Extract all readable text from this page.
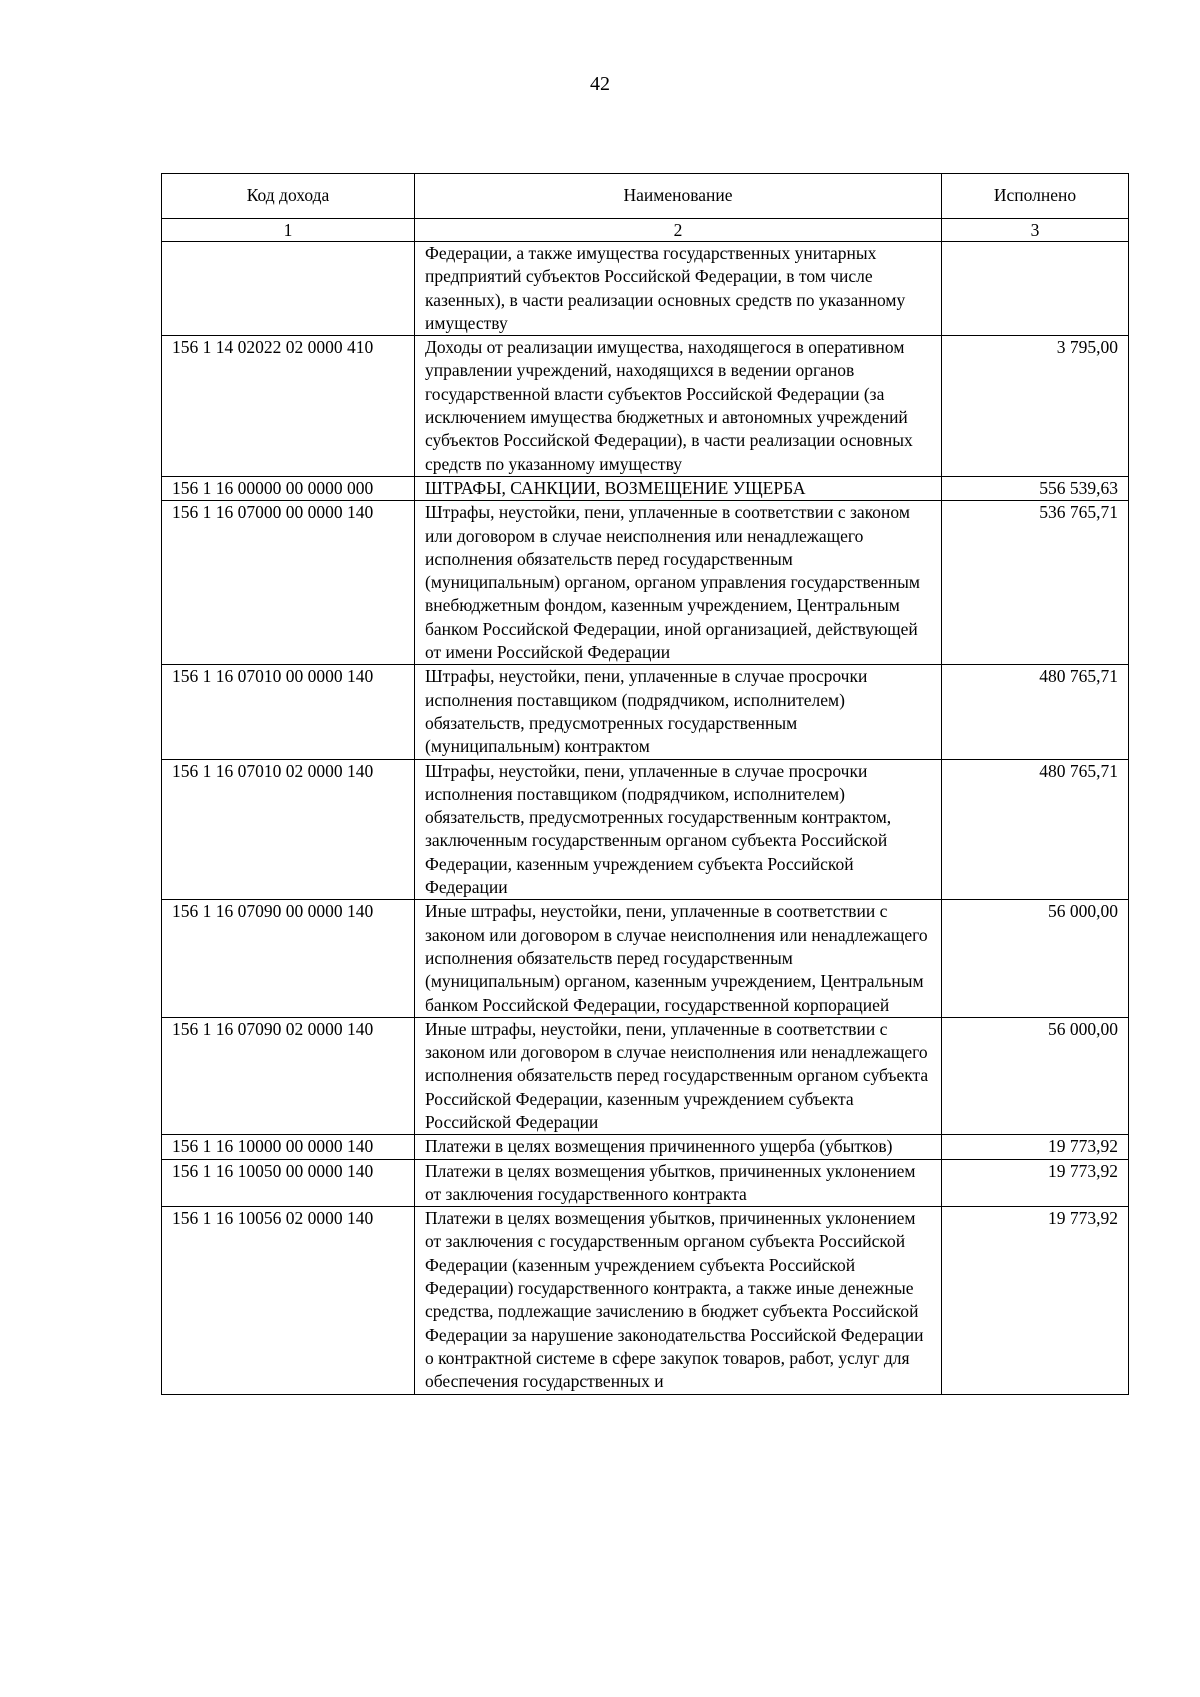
42
Код дохода	Наименование	Исполнено
1	2	3
	Федерации, а также имущества государственных унитарных предприятий субъектов Российской Федерации, в том числе казенных), в части реализации основных средств по указанному имуществу	
156 1 14 02022 02 0000 410	Доходы от реализации имущества, находящегося в оперативном управлении учреждений, находящихся в ведении органов государственной власти субъектов Российской Федерации (за исключением имущества бюджетных и автономных учреждений субъектов Российской Федерации), в части реализации основных средств по указанному имуществу	3 795,00
156 1 16 00000 00 0000 000	ШТРАФЫ, САНКЦИИ, ВОЗМЕЩЕНИЕ УЩЕРБА	556 539,63
156 1 16 07000 00 0000 140	Штрафы, неустойки, пени, уплаченные в соответствии с законом или договором в случае неисполнения или ненадлежащего исполнения обязательств перед государственным (муниципальным) органом, органом управления государственным внебюджетным фондом, казенным учреждением, Центральным банком Российской Федерации, иной организацией, действующей от имени Российской Федерации	536 765,71
156 1 16 07010 00 0000 140	Штрафы, неустойки, пени, уплаченные в случае просрочки исполнения поставщиком (подрядчиком, исполнителем) обязательств, предусмотренных государственным (муниципальным) контрактом	480 765,71
156 1 16 07010 02 0000 140	Штрафы, неустойки, пени, уплаченные в случае просрочки исполнения поставщиком (подрядчиком, исполнителем) обязательств, предусмотренных государственным контрактом, заключенным государственным органом субъекта Российской Федерации, казенным учреждением субъекта Российской Федерации	480 765,71
156 1 16 07090 00 0000 140	Иные штрафы, неустойки, пени, уплаченные в соответствии с законом или договором в случае неисполнения или ненадлежащего исполнения обязательств перед государственным (муниципальным) органом, казенным учреждением, Центральным банком Российской Федерации, государственной корпорацией	56 000,00
156 1 16 07090 02 0000 140	Иные штрафы, неустойки, пени, уплаченные в соответствии с законом или договором в случае неисполнения или ненадлежащего исполнения обязательств перед государственным органом субъекта Российской Федерации, казенным учреждением субъекта Российской Федерации	56 000,00
156 1 16 10000 00 0000 140	Платежи в целях возмещения причиненного ущерба (убытков)	19 773,92
156 1 16 10050 00 0000 140	Платежи в целях возмещения убытков, причиненных уклонением от заключения государственного контракта	19 773,92
156 1 16 10056 02 0000 140	Платежи в целях возмещения убытков, причиненных уклонением от заключения с государственным органом субъекта Российской Федерации (казенным учреждением субъекта Российской Федерации) государственного контракта, а также иные денежные средства, подлежащие зачислению в бюджет субъекта Российской Федерации за нарушение законодательства Российской Федерации о контрактной системе в сфере закупок товаров, работ, услуг для обеспечения государственных и	19 773,92
